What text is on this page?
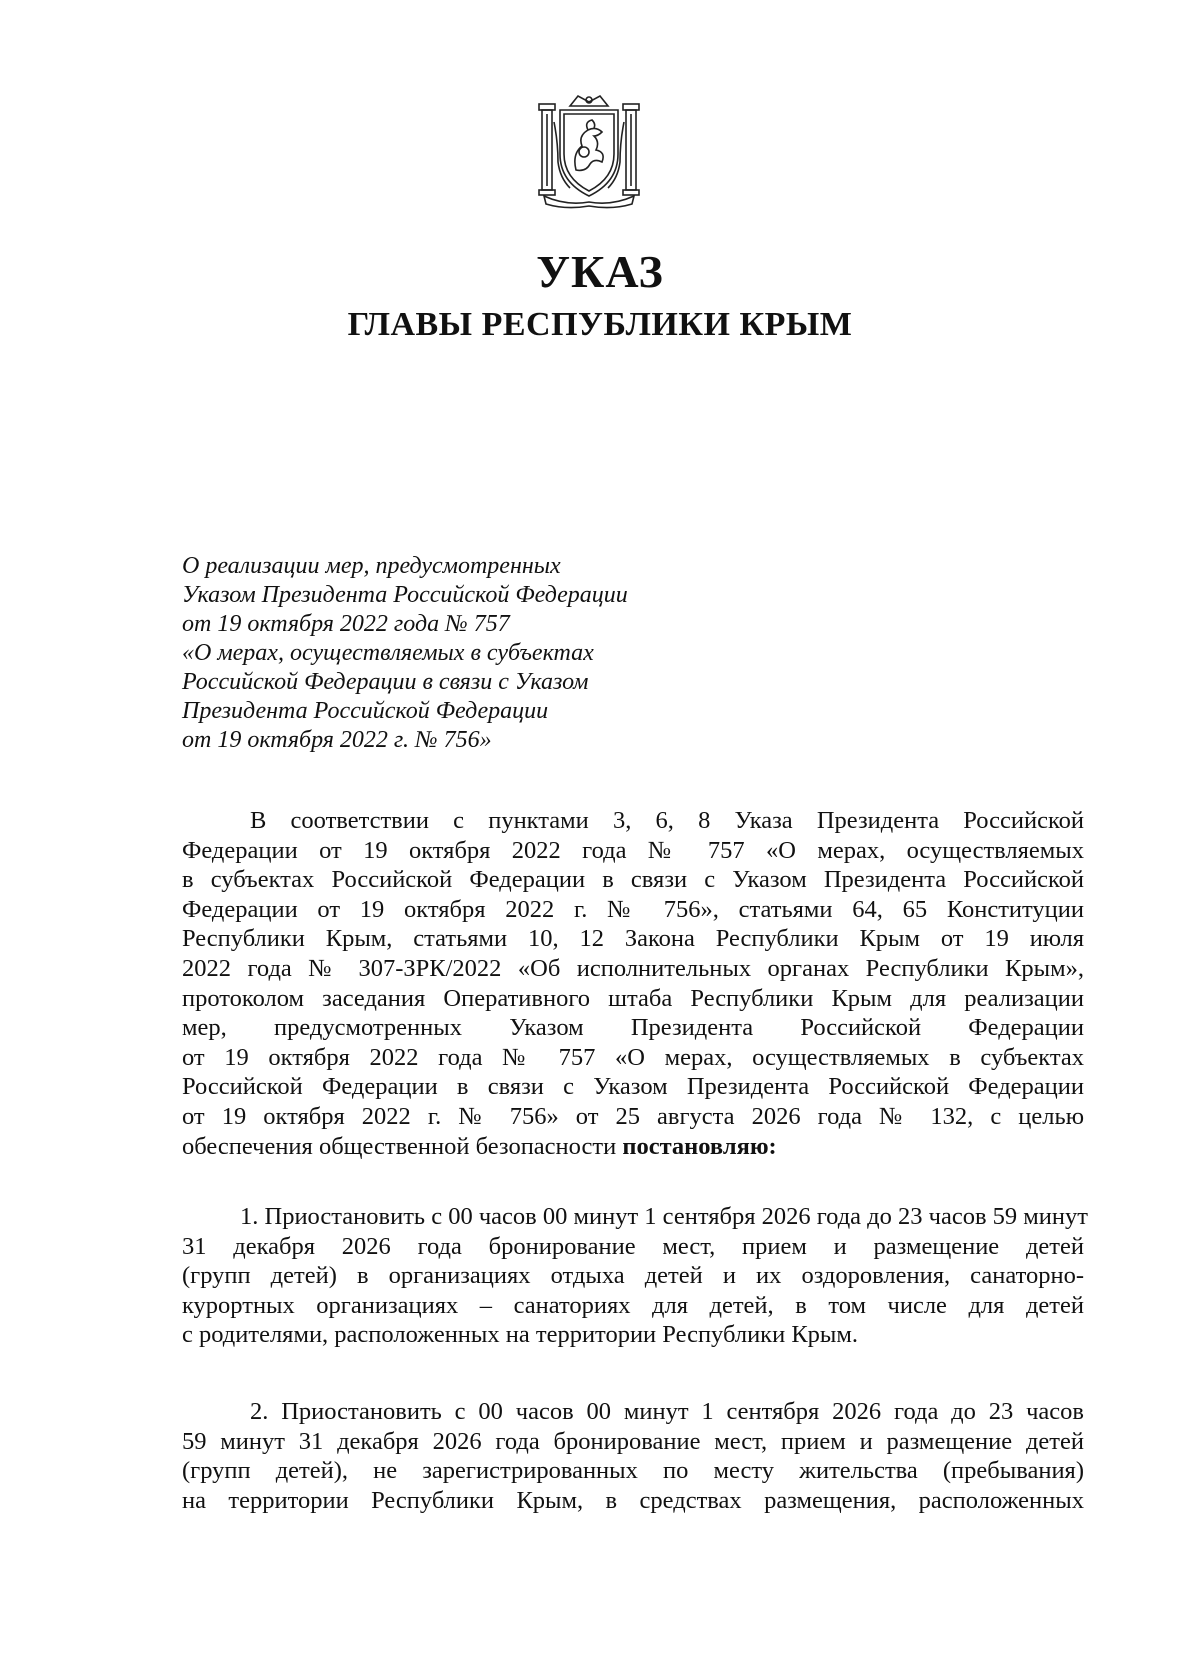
УКАЗ
ГЛАВЫ РЕСПУБЛИКИ КРЫМ
О реализации мер, предусмотренных
Указом Президента Российской Федерации
от 19 октября 2022 года № 757
«О мерах, осуществляемых в субъектах
Российской Федерации в связи с Указом
Президента Российской Федерации
от 19 октября 2022 г. № 756»
В соответствии с пунктами 3, 6, 8 Указа Президента Российской
Федерации от 19 октября 2022 года № 757 «О мерах, осуществляемых
в субъектах Российской Федерации в связи с Указом Президента Российской
Федерации от 19 октября 2022 г. № 756», статьями 64, 65 Конституции
Республики Крым, статьями 10, 12 Закона Республики Крым от 19 июля
2022 года № 307-ЗРК/2022 «Об исполнительных органах Республики Крым»,
протоколом заседания Оперативного штаба Республики Крым для реализации
мер, предусмотренных Указом Президента Российской Федерации
от 19 октября 2022 года № 757 «О мерах, осуществляемых в субъектах
Российской Федерации в связи с Указом Президента Российской Федерации
от 19 октября 2022 г. № 756» от 25 августа 2026 года № 132, с целью
обеспечения общественной безопасности постановляю:
1. Приостановить с 00 часов 00 минут 1 сентября 2026 года до 23 часов 59 минут
31 декабря 2026 года бронирование мест, прием и размещение детей
(групп детей) в организациях отдыха детей и их оздоровления, санаторно-
курортных организациях – санаториях для детей, в том числе для детей
с родителями, расположенных на территории Республики Крым.
2. Приостановить с 00 часов 00 минут 1 сентября 2026 года до 23 часов
59 минут 31 декабря 2026 года бронирование мест, прием и размещение детей
(групп детей), не зарегистрированных по месту жительства (пребывания)
на территории Республики Крым, в средствах размещения, расположенных
